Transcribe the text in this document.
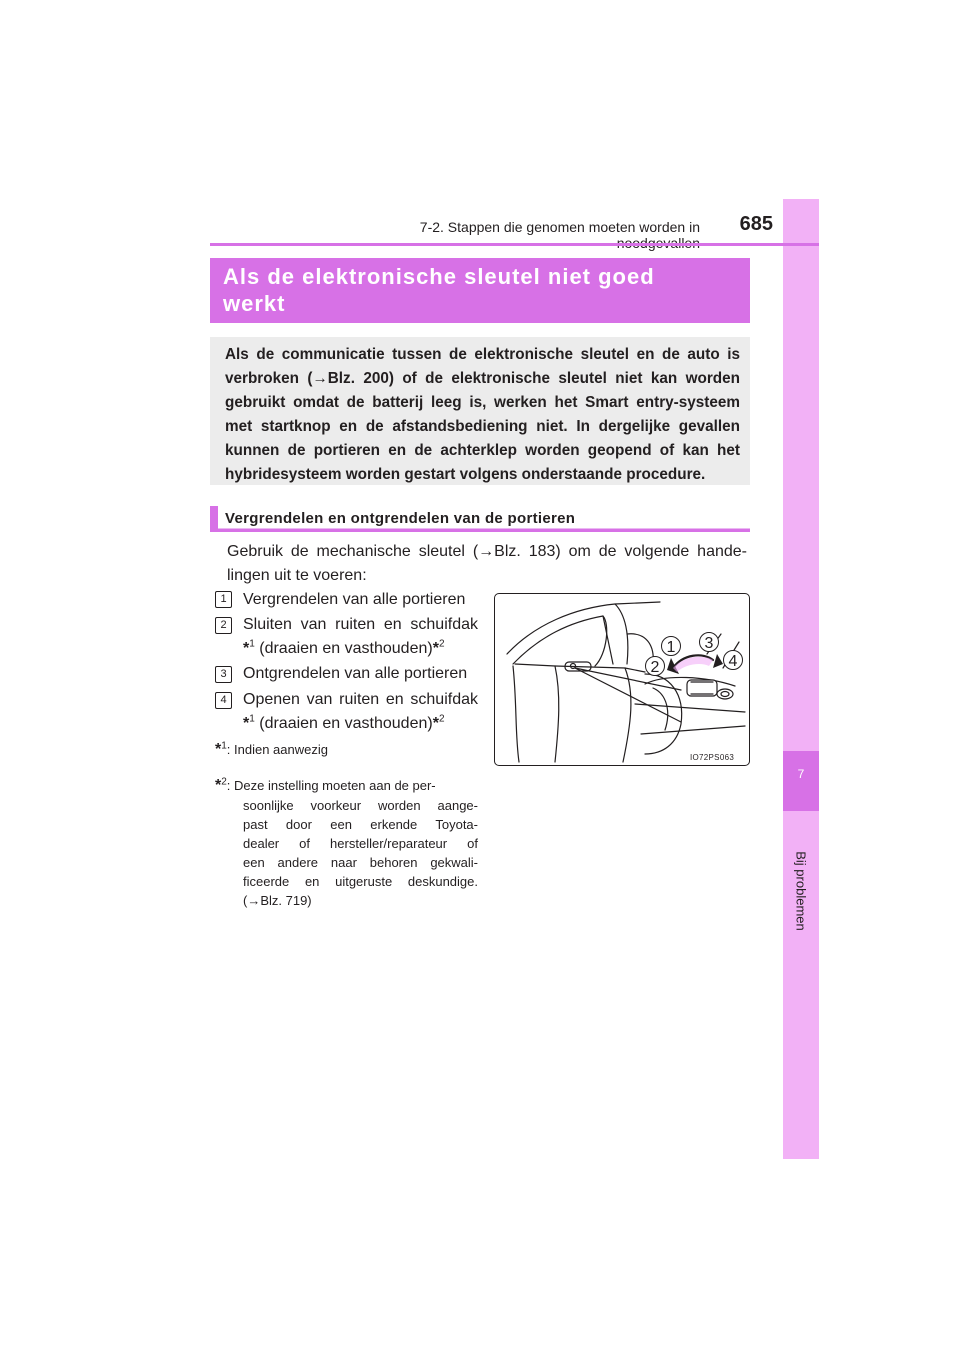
7
Bij problemen
7-2. Stappen die genomen moeten worden in	685
Als de elektronische sleutel niet goed
werkt
Als de communicatie tussen de elektronische sleutel en de auto is
verbroken (→Blz. 200) of de elektronische sleutel niet kan worden
gebruikt omdat de batterij leeg is, werken het Smart entry-systeem
met startknop en de afstandsbediening niet. In dergelijke gevallen
kunnen de portieren en de achterklep worden geopend of kan het
hybridesysteem worden gestart volgens onderstaande procedure.
Vergrendelen en ontgrendelen van de portieren
Gebruik de mechanische sleutel (→Blz. 183) om de volgende hande-
lingen uit te voeren:
1	Vergrendelen van alle portieren
2	Sluiten van ruiten en schuifdak
*$^1$ (draaien en vasthouden)*$^2$
3	Ontgrendelen van alle portieren
4	Openen van ruiten en schuifdak
*$^1$ (draaien en vasthouden)*$^2$
*$^1$: Indien aanwezig
*$^2$: Deze instelling moeten aan de per-
soonlijke voorkeur worden aange-
past door een erkende Toyota-
dealer of hersteller/reparateur of
een andere naar behoren gekwali-
ficeerde en uitgeruste deskundige.
(→Blz. 719)
1
2
3
4
IO72PS063
